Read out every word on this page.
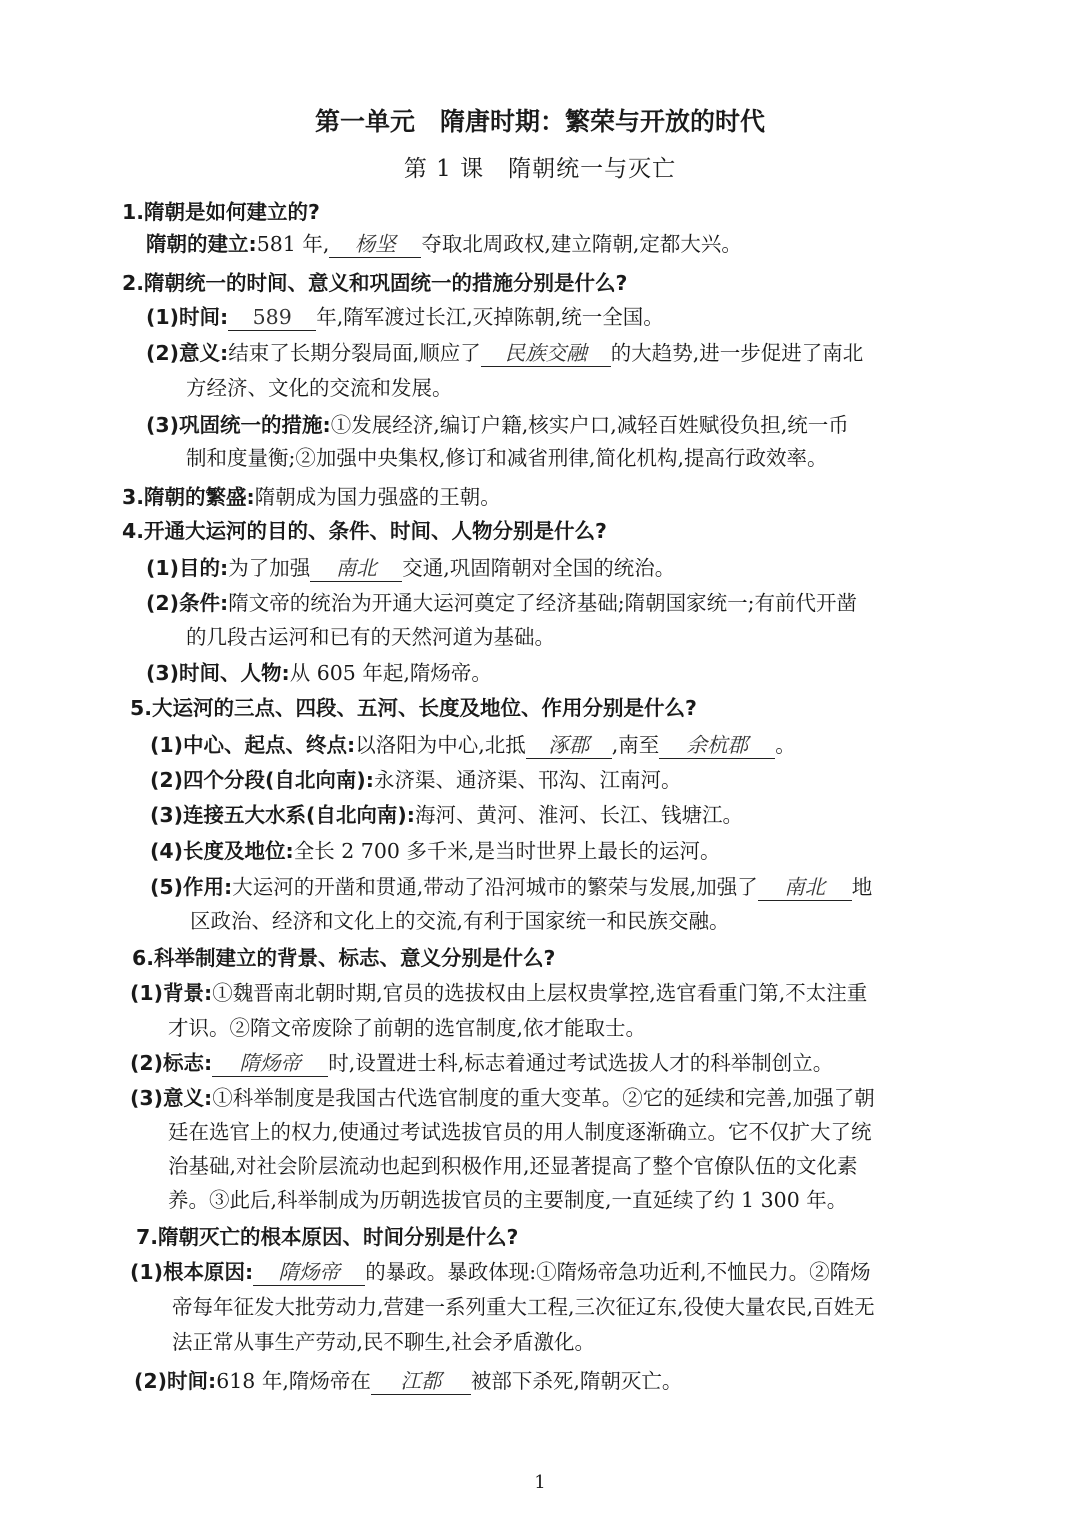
第一单元　隋唐时期：繁荣与开放的时代
第 1 课　隋朝统一与灭亡
1.隋朝是如何建立的?
隋朝的建立:581 年, 杨坚 夺取北周政权,建立隋朝,定都大兴。
2.隋朝统一的时间、意义和巩固统一的措施分别是什么?
(1)时间: 589 年,隋军渡过长江,灭掉陈朝,统一全国。
(2)意义:结束了长期分裂局面,顺应了 民族交融 的大趋势,进一步促进了南北
方经济、文化的交流和发展。
(3)巩固统一的措施:①发展经济,编订户籍,核实户口,减轻百姓赋役负担,统一币
制和度量衡;②加强中央集权,修订和减省刑律,简化机构,提高行政效率。
3.隋朝的繁盛:隋朝成为国力强盛的王朝。
4.开通大运河的目的、条件、时间、人物分别是什么?
(1)目的:为了加强 南北 交通,巩固隋朝对全国的统治。
(2)条件:隋文帝的统治为开通大运河奠定了经济基础;隋朝国家统一;有前代开凿
的几段古运河和已有的天然河道为基础。
(3)时间、人物:从 605 年起,隋炀帝。
5.大运河的三点、四段、五河、长度及地位、作用分别是什么?
(1)中心、起点、终点:以洛阳为中心,北抵 涿郡 ,南至 余杭郡 。
(2)四个分段(自北向南):永济渠、通济渠、邗沟、江南河。
(3)连接五大水系(自北向南):海河、黄河、淮河、长江、钱塘江。
(4)长度及地位:全长 2 700 多千米,是当时世界上最长的运河。
(5)作用:大运河的开凿和贯通,带动了沿河城市的繁荣与发展,加强了 南北 地
区政治、经济和文化上的交流,有利于国家统一和民族交融。
6.科举制建立的背景、标志、意义分别是什么?
(1)背景:①魏晋南北朝时期,官员的选拔权由上层权贵掌控,选官看重门第,不太注重
才识。②隋文帝废除了前朝的选官制度,依才能取士。
(2)标志: 隋炀帝 时,设置进士科,标志着通过考试选拔人才的科举制创立。
(3)意义:①科举制度是我国古代选官制度的重大变革。②它的延续和完善,加强了朝
廷在选官上的权力,使通过考试选拔官员的用人制度逐渐确立。它不仅扩大了统
治基础,对社会阶层流动也起到积极作用,还显著提高了整个官僚队伍的文化素
养。③此后,科举制成为历朝选拔官员的主要制度,一直延续了约 1 300 年。
7.隋朝灭亡的根本原因、时间分别是什么?
(1)根本原因: 隋炀帝 的暴政。暴政体现:①隋炀帝急功近利,不恤民力。②隋炀
帝每年征发大批劳动力,营建一系列重大工程,三次征辽东,役使大量农民,百姓无
法正常从事生产劳动,民不聊生,社会矛盾激化。
(2)时间:618 年,隋炀帝在 江都 被部下杀死,隋朝灭亡。
1
